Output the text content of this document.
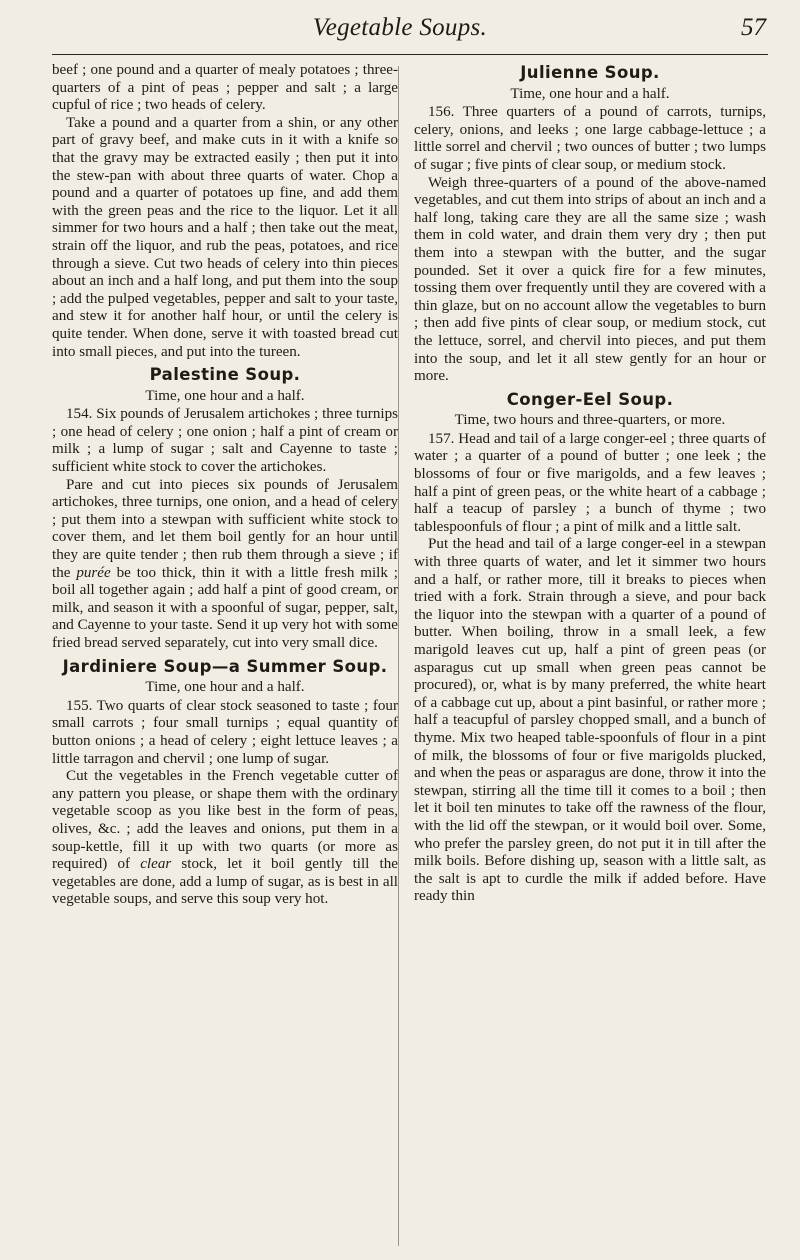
Vegetable Soups.	57

beef ; one pound and a quarter of mealy potatoes ; three-quarters of a pint of peas ; pepper and salt ; a large cupful of rice ; two heads of celery.

Take a pound and a quarter from a shin, or any other part of gravy beef, and make cuts in it with a knife so that the gravy may be extracted easily ; then put it into the stew-pan with about three quarts of water. Chop a pound and a quarter of potatoes up fine, and add them with the green peas and the rice to the liquor. Let it all simmer for two hours and a half ; then take out the meat, strain off the liquor, and rub the peas, potatoes, and rice through a sieve. Cut two heads of celery into thin pieces about an inch and a half long, and put them into the soup ; add the pulped vegetables, pepper and salt to your taste, and stew it for another half hour, or until the celery is quite tender. When done, serve it with toasted bread cut into small pieces, and put into the tureen.

Palestine Soup.

Time, one hour and a half.

154. Six pounds of Jerusalem artichokes ; three turnips ; one head of celery ; one onion ; half a pint of cream or milk ; a lump of sugar ; salt and Cayenne to taste ; sufficient white stock to cover the artichokes.

Pare and cut into pieces six pounds of Jerusalem artichokes, three turnips, one onion, and a head of celery ; put them into a stewpan with sufficient white stock to cover them, and let them boil gently for an hour until they are quite tender ; then rub them through a sieve ; if the purée be too thick, thin it with a little fresh milk ; boil all together again ; add half a pint of good cream, or milk, and season it with a spoonful of sugar, pepper, salt, and Cayenne to your taste. Send it up very hot with some fried bread served separately, cut into very small dice.

Jardiniere Soup—a Summer Soup.

Time, one hour and a half.

155. Two quarts of clear stock seasoned to taste ; four small carrots ; four small turnips ; equal quantity of button onions ; a head of celery ; eight lettuce leaves ; a little tarragon and chervil ; one lump of sugar.

Cut the vegetables in the French vegetable cutter of any pattern you please, or shape them with the ordinary vegetable scoop as you like best in the form of peas, olives, &c. ; add the leaves and onions, put them in a soup-kettle, fill it up with two quarts (or more as required) of clear stock, let it boil gently till the vegetables are done, add a lump of sugar, as is best in all vegetable soups, and serve this soup very hot.

Julienne Soup.

Time, one hour and a half.

156. Three quarters of a pound of carrots, turnips, celery, onions, and leeks ; one large cabbage-lettuce ; a little sorrel and chervil ; two ounces of butter ; two lumps of sugar ; five pints of clear soup, or medium stock.

Weigh three-quarters of a pound of the above-named vegetables, and cut them into strips of about an inch and a half long, taking care they are all the same size ; wash them in cold water, and drain them very dry ; then put them into a stewpan with the butter, and the sugar pounded. Set it over a quick fire for a few minutes, tossing them over frequently until they are covered with a thin glaze, but on no account allow the vegetables to burn ; then add five pints of clear soup, or medium stock, cut the lettuce, sorrel, and chervil into pieces, and put them into the soup, and let it all stew gently for an hour or more.

Conger-Eel Soup.

Time, two hours and three-quarters, or more.

157. Head and tail of a large conger-eel ; three quarts of water ; a quarter of a pound of butter ; one leek ; the blossoms of four or five marigolds, and a few leaves ; half a pint of green peas, or the white heart of a cabbage ; half a teacup of parsley ; a bunch of thyme ; two tablespoonfuls of flour ; a pint of milk and a little salt.

Put the head and tail of a large conger-eel in a stewpan with three quarts of water, and let it simmer two hours and a half, or rather more, till it breaks to pieces when tried with a fork. Strain through a sieve, and pour back the liquor into the stewpan with a quarter of a pound of butter. When boiling, throw in a small leek, a few marigold leaves cut up, half a pint of green peas (or asparagus cut up small when green peas cannot be procured), or, what is by many preferred, the white heart of a cabbage cut up, about a pint basinful, or rather more ; half a teacupful of parsley chopped small, and a bunch of thyme. Mix two heaped table-spoonfuls of flour in a pint of milk, the blossoms of four or five marigolds plucked, and when the peas or asparagus are done, throw it into the stewpan, stirring all the time till it comes to a boil ; then let it boil ten minutes to take off the rawness of the flour, with the lid off the stewpan, or it would boil over. Some, who prefer the parsley green, do not put it in till after the milk boils. Before dishing up, season with a little salt, as the salt is apt to curdle the milk if added before. Have ready thin
